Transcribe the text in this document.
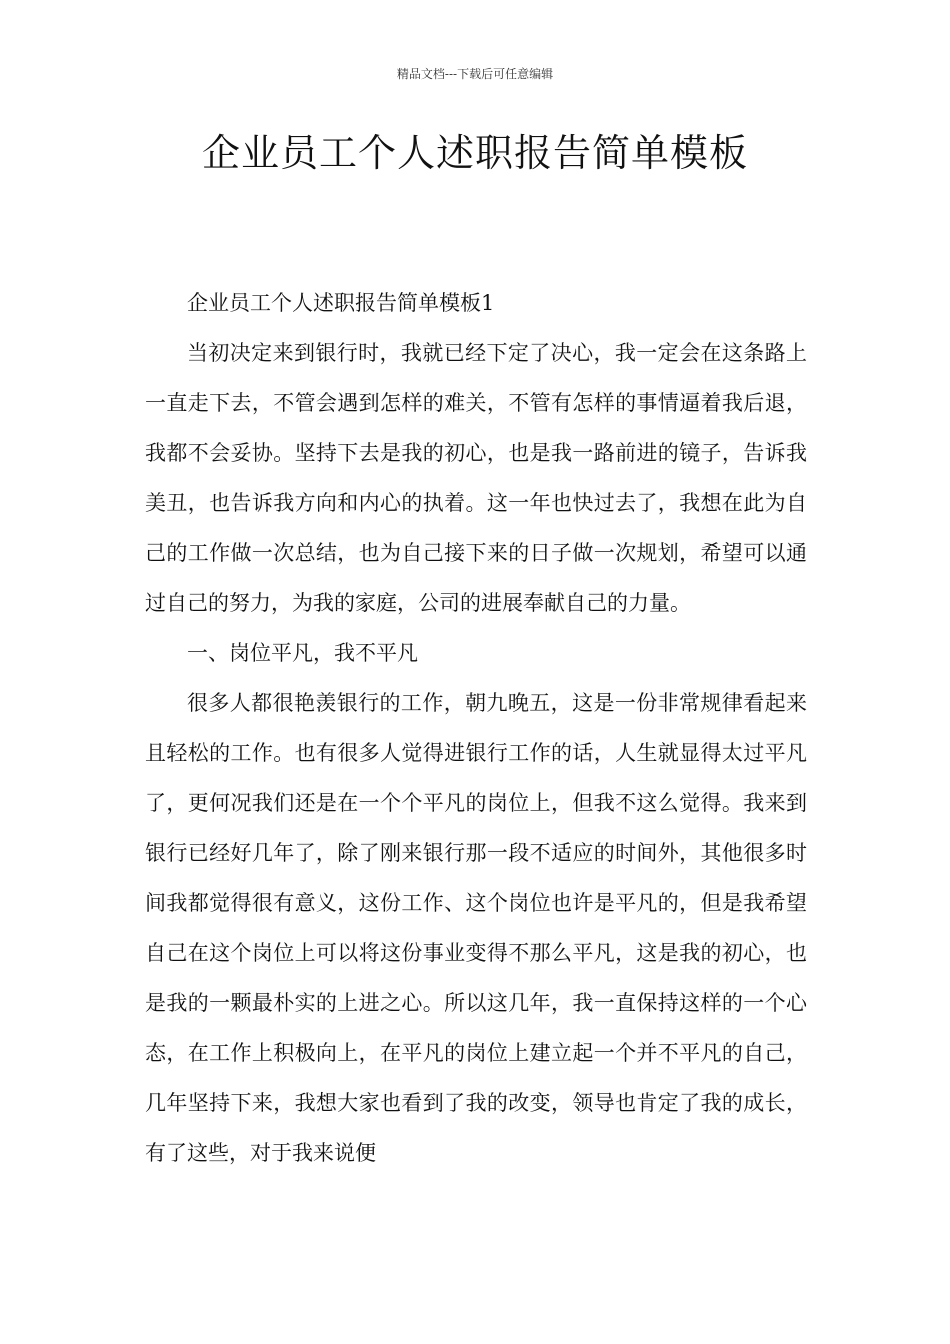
精品文档---下载后可任意编辑
企业员工个人述职报告简单模板

企业员工个人述职报告简单模板1

当初决定来到银行时，我就已经下定了决心，我一定会在这条路上一直走下去，不管会遇到怎样的难关，不管有怎样的事情逼着我后退，我都不会妥协。坚持下去是我的初心，也是我一路前进的镜子，告诉我美丑，也告诉我方向和内心的执着。这一年也快过去了，我想在此为自己的工作做一次总结，也为自己接下来的日子做一次规划，希望可以通过自己的努力，为我的家庭，公司的进展奉献自己的力量。

一、岗位平凡，我不平凡

很多人都很艳羡银行的工作，朝九晚五，这是一份非常规律看起来且轻松的工作。也有很多人觉得进银行工作的话，人生就显得太过平凡了，更何况我们还是在一个个平凡的岗位上，但我不这么觉得。我来到银行已经好几年了，除了刚来银行那一段不适应的时间外，其他很多时间我都觉得很有意义，这份工作、这个岗位也许是平凡的，但是我希望自己在这个岗位上可以将这份事业变得不那么平凡，这是我的初心，也是我的一颗最朴实的上进之心。所以这几年，我一直保持这样的一个心态，在工作上积极向上，在平凡的岗位上建立起一个并不平凡的自己，几年坚持下来，我想大家也看到了我的改变，领导也肯定了我的成长，有了这些，对于我来说便
